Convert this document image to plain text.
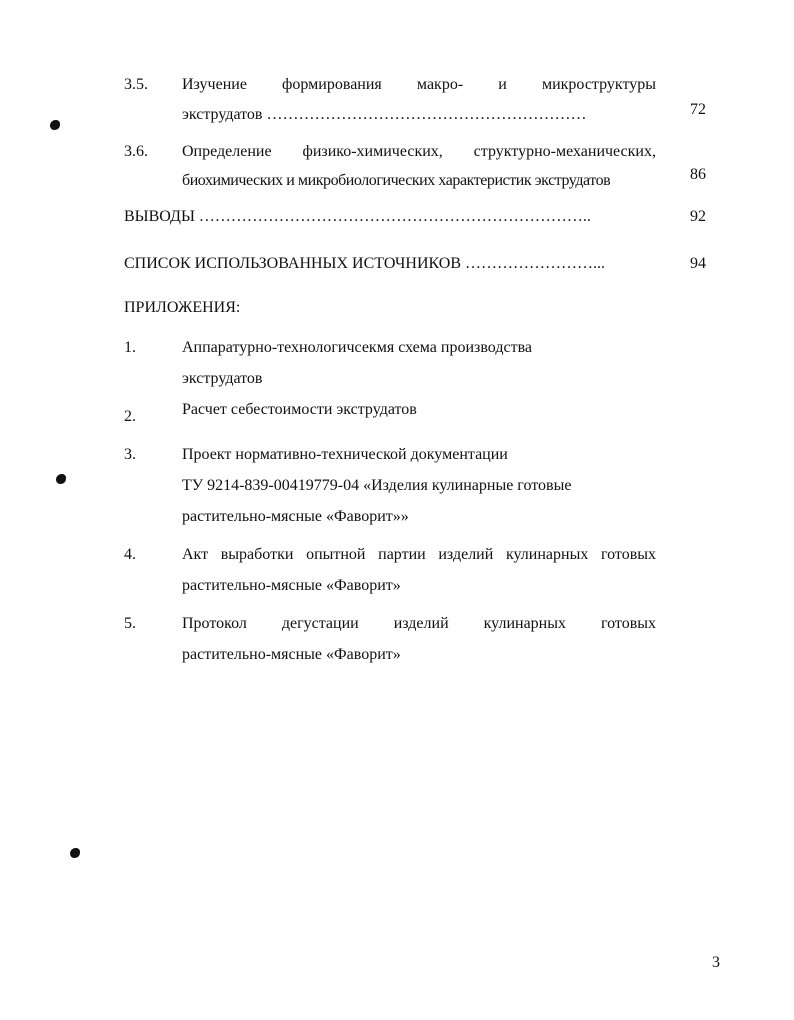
3.5. Изучение формирования макро- и микроструктуры
экструдатов ……………………………………………………	72
3.6. Определение физико-химических, структурно-механических,
биохимических и микробиологических характеристик экструдатов	86
ВЫВОДЫ ………………………………………………………………..	92
СПИСОК ИСПОЛЬЗОВАННЫХ ИСТОЧНИКОВ ……………………...	94
ПРИЛОЖЕНИЯ:
1.	Аппаратурно-технологичсекмя схема производства
экструдатов
2.	Расчет себестоимости экструдатов
3.	Проект нормативно-технической документации
ТУ 9214-839-00419779-04 «Изделия кулинарные готовые
растительно-мясные «Фаворит»»
4.	Акт выработки опытной партии изделий кулинарных готовых
растительно-мясные «Фаворит»
5.	Протокол дегустации изделий кулинарных готовых
растительно-мясные «Фаворит»
3
